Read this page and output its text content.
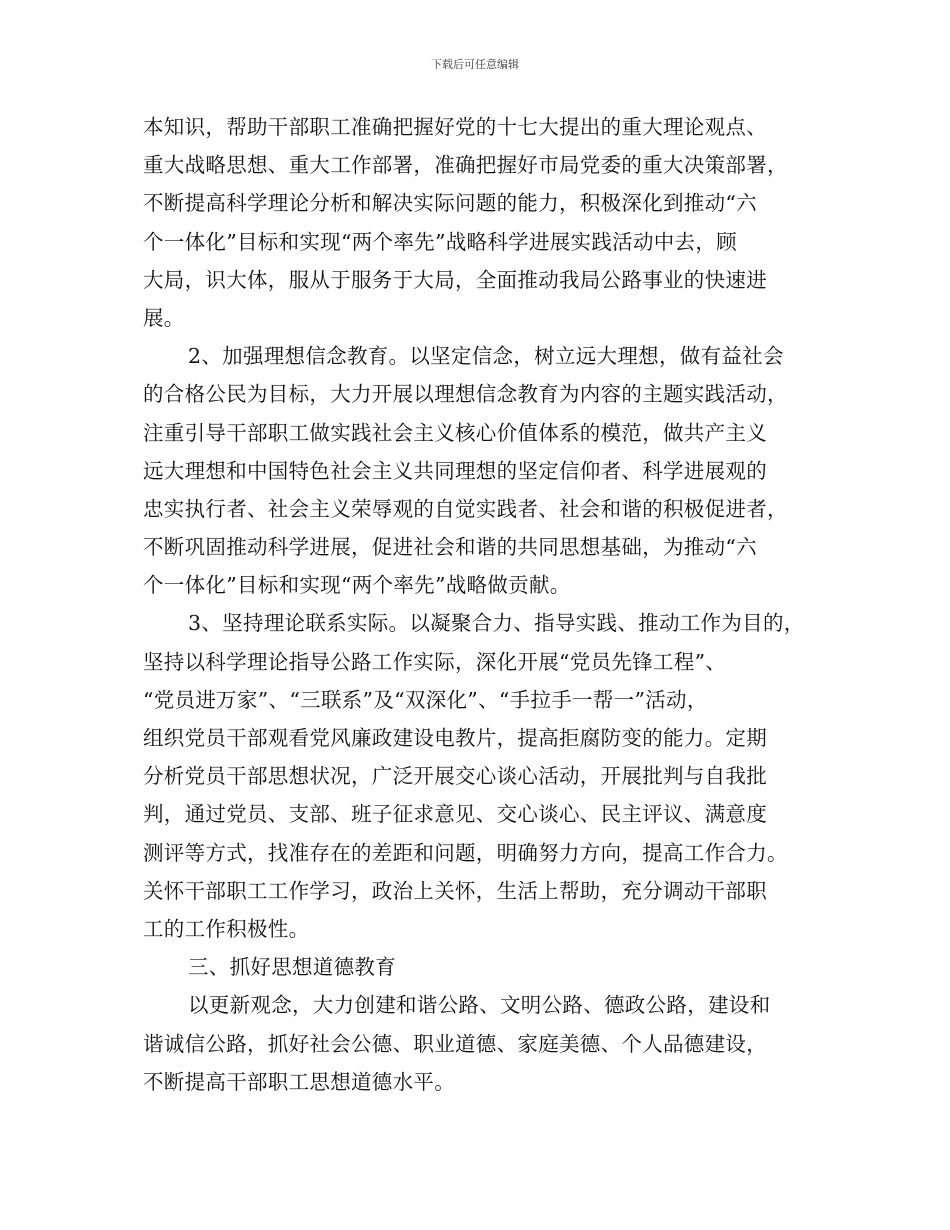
下载后可任意编辑
本知识，帮助干部职工准确把握好党的十七大提出的重大理论观点、
重大战略思想、重大工作部署，准确把握好市局党委的重大决策部署，
不断提高科学理论分析和解决实际问题的能力，积极深化到推动“六
个一体化”目标和实现“两个率先”战略科学进展实践活动中去，顾
大局，识大体，服从于服务于大局，全面推动我局公路事业的快速进
展。
2、加强理想信念教育。以坚定信念，树立远大理想，做有益社会
的合格公民为目标，大力开展以理想信念教育为内容的主题实践活动，
注重引导干部职工做实践社会主义核心价值体系的模范，做共产主义
远大理想和中国特色社会主义共同理想的坚定信仰者、科学进展观的
忠实执行者、社会主义荣辱观的自觉实践者、社会和谐的积极促进者，
不断巩固推动科学进展，促进社会和谐的共同思想基础，为推动“六
个一体化”目标和实现“两个率先”战略做贡献。
3、坚持理论联系实际。以凝聚合力、指导实践、推动工作为目的，
坚持以科学理论指导公路工作实际，深化开展“党员先锋工程”、
“党员进万家”、“三联系”及“双深化”、“手拉手一帮一”活动，
组织党员干部观看党风廉政建设电教片，提高拒腐防变的能力。定期
分析党员干部思想状况，广泛开展交心谈心活动，开展批判与自我批
判，通过党员、支部、班子征求意见、交心谈心、民主评议、满意度
测评等方式，找准存在的差距和问题，明确努力方向，提高工作合力。
关怀干部职工工作学习，政治上关怀，生活上帮助，充分调动干部职
工的工作积极性。
三、抓好思想道德教育
以更新观念，大力创建和谐公路、文明公路、德政公路，建设和
谐诚信公路，抓好社会公德、职业道德、家庭美德、个人品德建设，
不断提高干部职工思想道德水平。
